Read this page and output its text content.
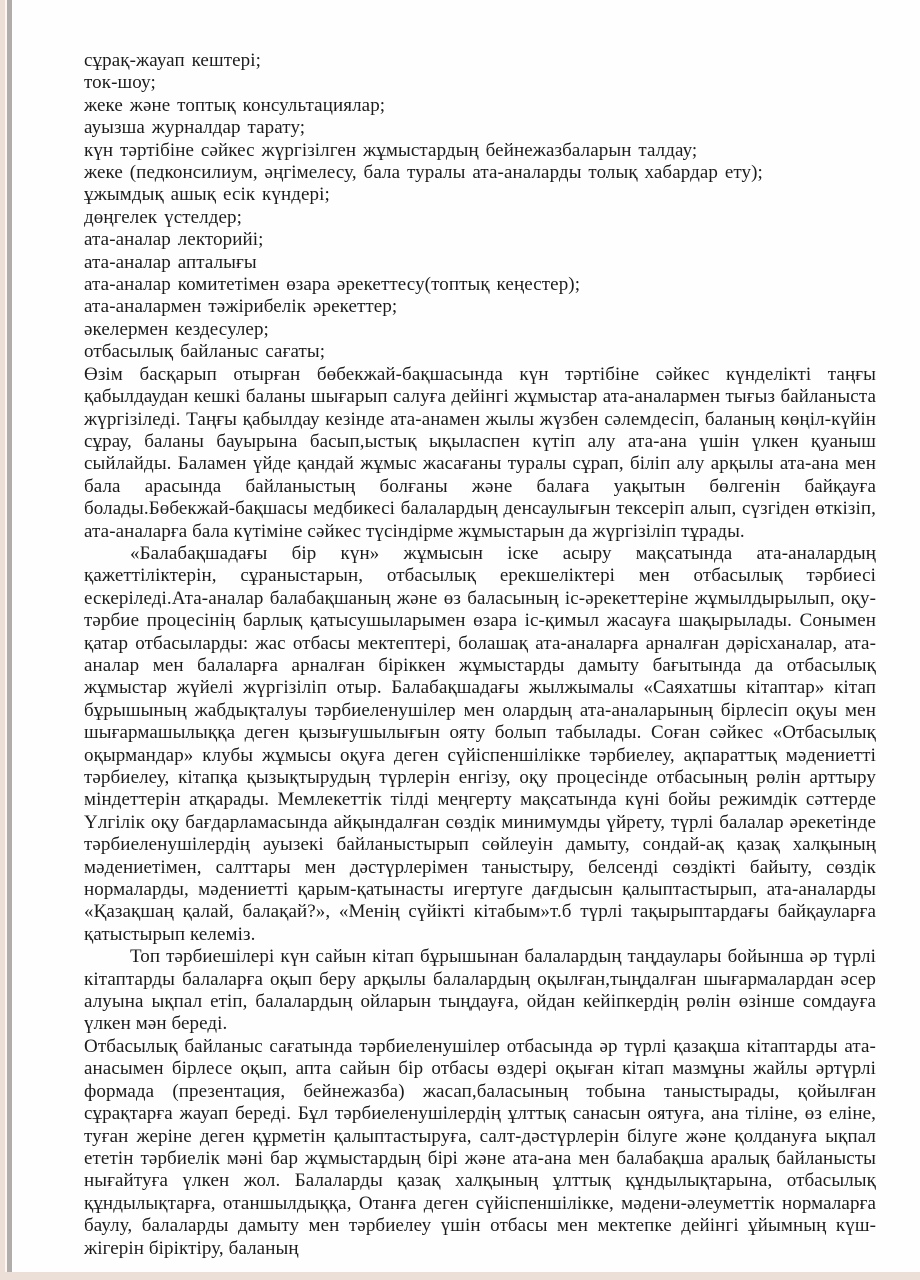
сұрақ-жауап кештері;
ток-шоу;
жеке және топтық консультациялар;
ауызша журналдар тарату;
күн тәртібіне сәйкес жүргізілген жұмыстардың бейнежазбаларын талдау;
жеке (педконсилиум, әңгімелесу, бала туралы ата-аналарды толық хабардар ету);
ұжымдық ашық есік күндері;
дөңгелек үстелдер;
ата-аналар лекторийі;
ата-аналар апталығы
ата-аналар комитетімен өзара әрекеттесу(топтық кеңестер);
ата-аналармен тәжірибелік әрекеттер;
әкелермен кездесулер;
отбасылық байланыс сағаты;

Өзім басқарып отырған бөбекжай-бақшасында күн тәртібіне сәйкес күнделікті таңғы қабылдаудан кешкі баланы шығарып салуға дейінгі жұмыстар ата-аналармен тығыз байланыста жүргізіледі. Таңғы қабылдау кезінде ата-анамен жылы жүзбен сәлемдесіп, баланың көңіл-күйін сұрау, баланы бауырына басып,ыстық ықыласпен күтіп алу ата-ана үшін үлкен қуаныш сыйлайды. Баламен үйде қандай жұмыс жасағаны туралы сұрап, біліп алу арқылы ата-ана мен бала арасында байланыстың болғаны және балаға уақытын бөлгенін байқауға болады.Бөбекжай-бақшасы медбикесі балалардың денсаулығын тексеріп алып, сүзгіден өткізіп, ата-аналарға бала күтіміне сәйкес түсіндірме жұмыстарын да жүргізіліп тұрады.

«Балабақшадағы бір күн» жұмысын іске асыру мақсатында ата-аналардың қажеттіліктерін, сұраныстарын, отбасылық ерекшеліктері мен отбасылық тәрбиесі ескеріледі.Ата-аналар балабақшаның және өз баласының іс-әрекеттеріне жұмылдырылып, оқу-тәрбие процесінің барлық қатысушыларымен өзара іс-қимыл жасауға шақырылады. Сонымен қатар отбасыларды: жас отбасы мектептері, болашақ ата-аналарға арналған дәрісханалар, ата-аналар мен балаларға арналған біріккен жұмыстарды дамыту бағытында да отбасылық жұмыстар жүйелі жүргізіліп отыр. Балабақшадағы жылжымалы «Саяхатшы кітаптар» кітап бұрышының жабдықталуы тәрбиеленушілер мен олардың ата-аналарының бірлесіп оқуы мен шығармашылыққа деген қызығушылығын ояту болып табылады. Соған сәйкес «Отбасылық оқырмандар» клубы жұмысы оқуға деген сүйіспеншілікке тәрбиелеу, ақпараттық мәдениетті тәрбиелеу, кітапқа қызықтырудың түрлерін енгізу, оқу процесінде отбасының рөлін арттыру міндеттерін атқарады. Мемлекеттік тілді меңгерту мақсатында күні бойы режимдік сәттерде Үлгілік оқу бағдарламасында айқындалған сөздік минимумды үйрету, түрлі балалар әрекетінде тәрбиеленушілердің ауызекі байланыстырып сөйлеуін дамыту, сондай-ақ қазақ халқының мәдениетімен, салттары мен дәстүрлерімен таныстыру, белсенді сөздікті байыту, сөздік нормаларды, мәдениетті қарым-қатынасты игертуге дағдысын қалыптастырып, ата-аналарды «Қазақшаң қалай, балақай?», «Менің сүйікті кітабым»т.б түрлі тақырыптардағы байқауларға қатыстырып келеміз.

Топ тәрбиешілері күн сайын кітап бұрышынан балалардың таңдаулары бойынша әр түрлі кітаптарды балаларға оқып беру арқылы балалардың оқылған,тыңдалған шығармалардан әсер алуына ықпал етіп, балалардың ойларын тыңдауға, ойдан кейіпкердің рөлін өзінше сомдауға үлкен мән береді.

Отбасылық байланыс сағатында тәрбиеленушілер отбасында әр түрлі қазақша кітаптарды ата-анасымен бірлесе оқып, апта сайын бір отбасы өздері оқыған кітап мазмұны жайлы әртүрлі формада (презентация, бейнежазба) жасап,баласының тобына таныстырады, қойылған сұрақтарға жауап береді. Бұл тәрбиеленушілердің ұлттық санасын оятуға, ана тіліне, өз еліне, туған жеріне деген құрметін қалыптастыруға, салт-дәстүрлерін білуге және қолдануға ықпал ететін тәрбиелік мәні бар жұмыстардың бірі және ата-ана мен балабақша аралық байланысты нығайтуға үлкен жол. Балаларды қазақ халқының ұлттық құндылықтарына, отбасылық құндылықтарға, отаншылдыққа, Отанға деген сүйіспеншілікке, мәдени-әлеуметтік нормаларға баулу, балаларды дамыту мен тәрбиелеу үшін отбасы мен мектепке дейінгі ұйымның күш-жігерін біріктіру, баланың
